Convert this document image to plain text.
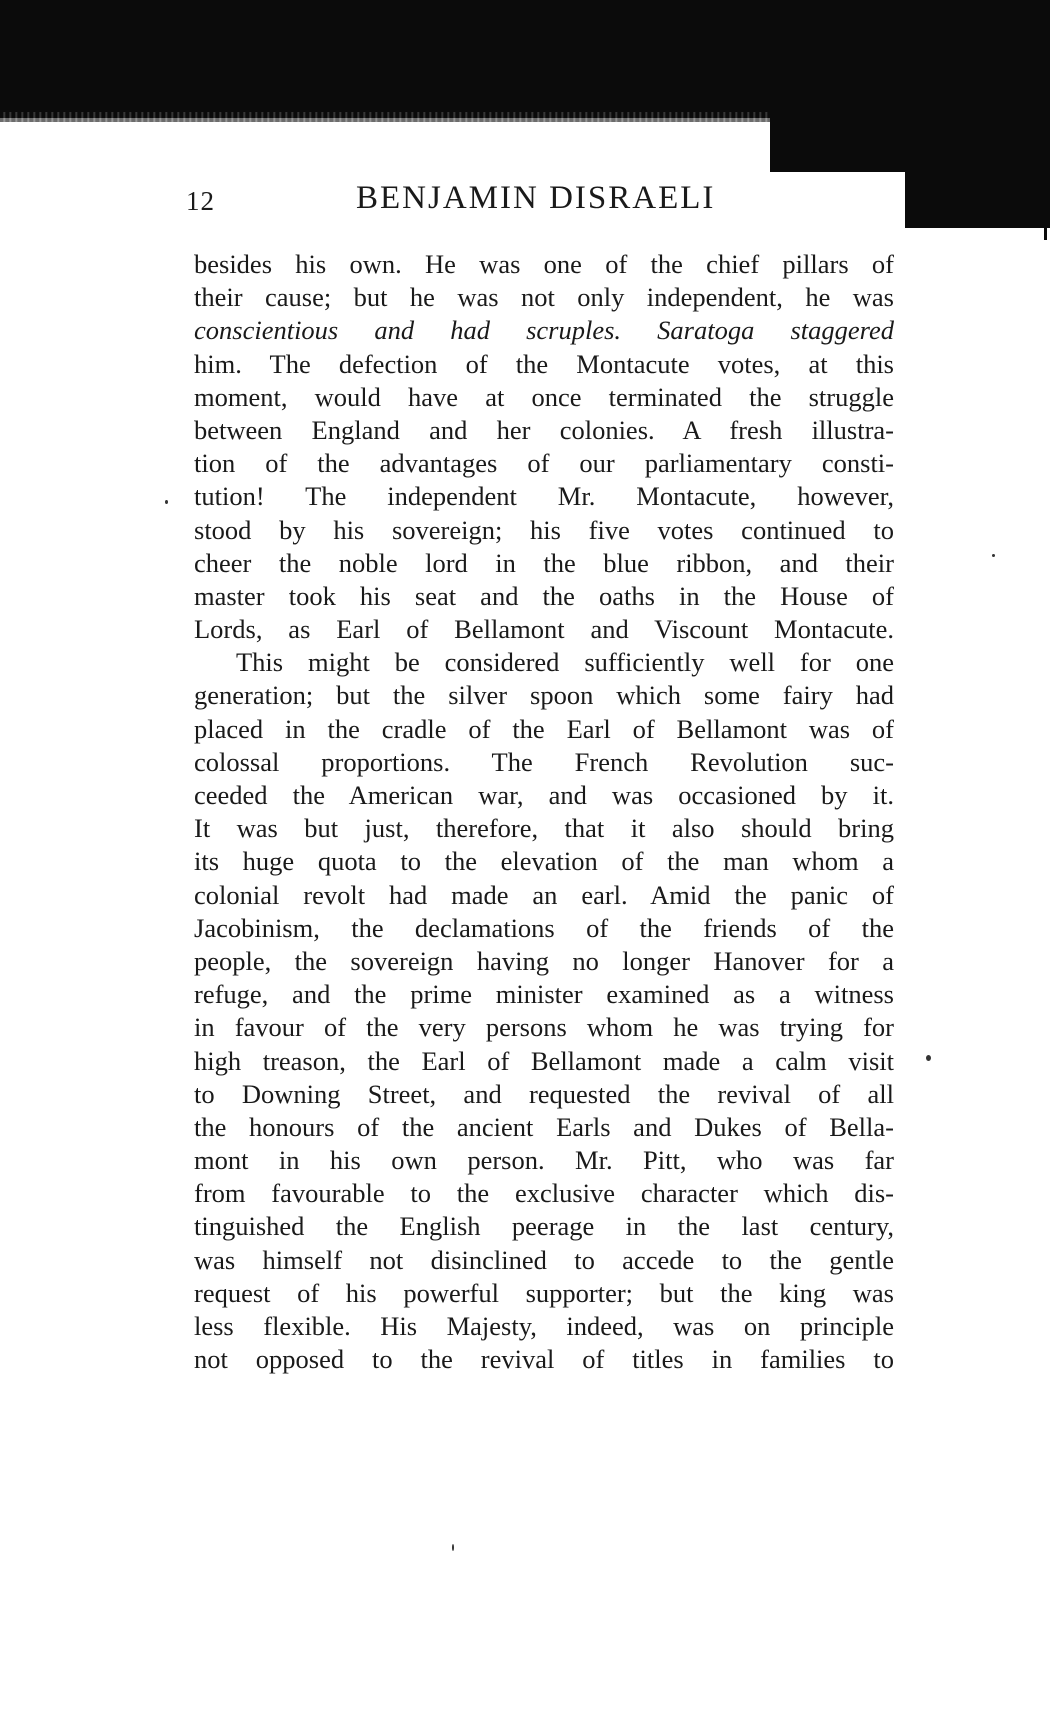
12	BENJAMIN DISRAELI
besides his own. He was one of the chief pillars of
their cause; but he was not only independent, he was
conscientious and had scruples. Saratoga staggered
him. The defection of the Montacute votes, at this
moment, would have at once terminated the struggle
between England and her colonies. A fresh illustra-
tion of the advantages of our parliamentary consti-
tution! The independent Mr. Montacute, however,
stood by his sovereign; his five votes continued to
cheer the noble lord in the blue ribbon, and their
master took his seat and the oaths in the House of
Lords, as Earl of Bellamont and Viscount Montacute.
This might be considered sufficiently well for one
generation; but the silver spoon which some fairy had
placed in the cradle of the Earl of Bellamont was of
colossal proportions. The French Revolution suc-
ceeded the American war, and was occasioned by it.
It was but just, therefore, that it also should bring
its huge quota to the elevation of the man whom a
colonial revolt had made an earl. Amid the panic of
Jacobinism, the declamations of the friends of the
people, the sovereign having no longer Hanover for a
refuge, and the prime minister examined as a witness
in favour of the very persons whom he was trying for
high treason, the Earl of Bellamont made a calm visit
to Downing Street, and requested the revival of all
the honours of the ancient Earls and Dukes of Bella-
mont in his own person. Mr. Pitt, who was far
from favourable to the exclusive character which dis-
tinguished the English peerage in the last century,
was himself not disinclined to accede to the gentle
request of his powerful supporter; but the king was
less flexible. His Majesty, indeed, was on principle
not opposed to the revival of titles in families to
